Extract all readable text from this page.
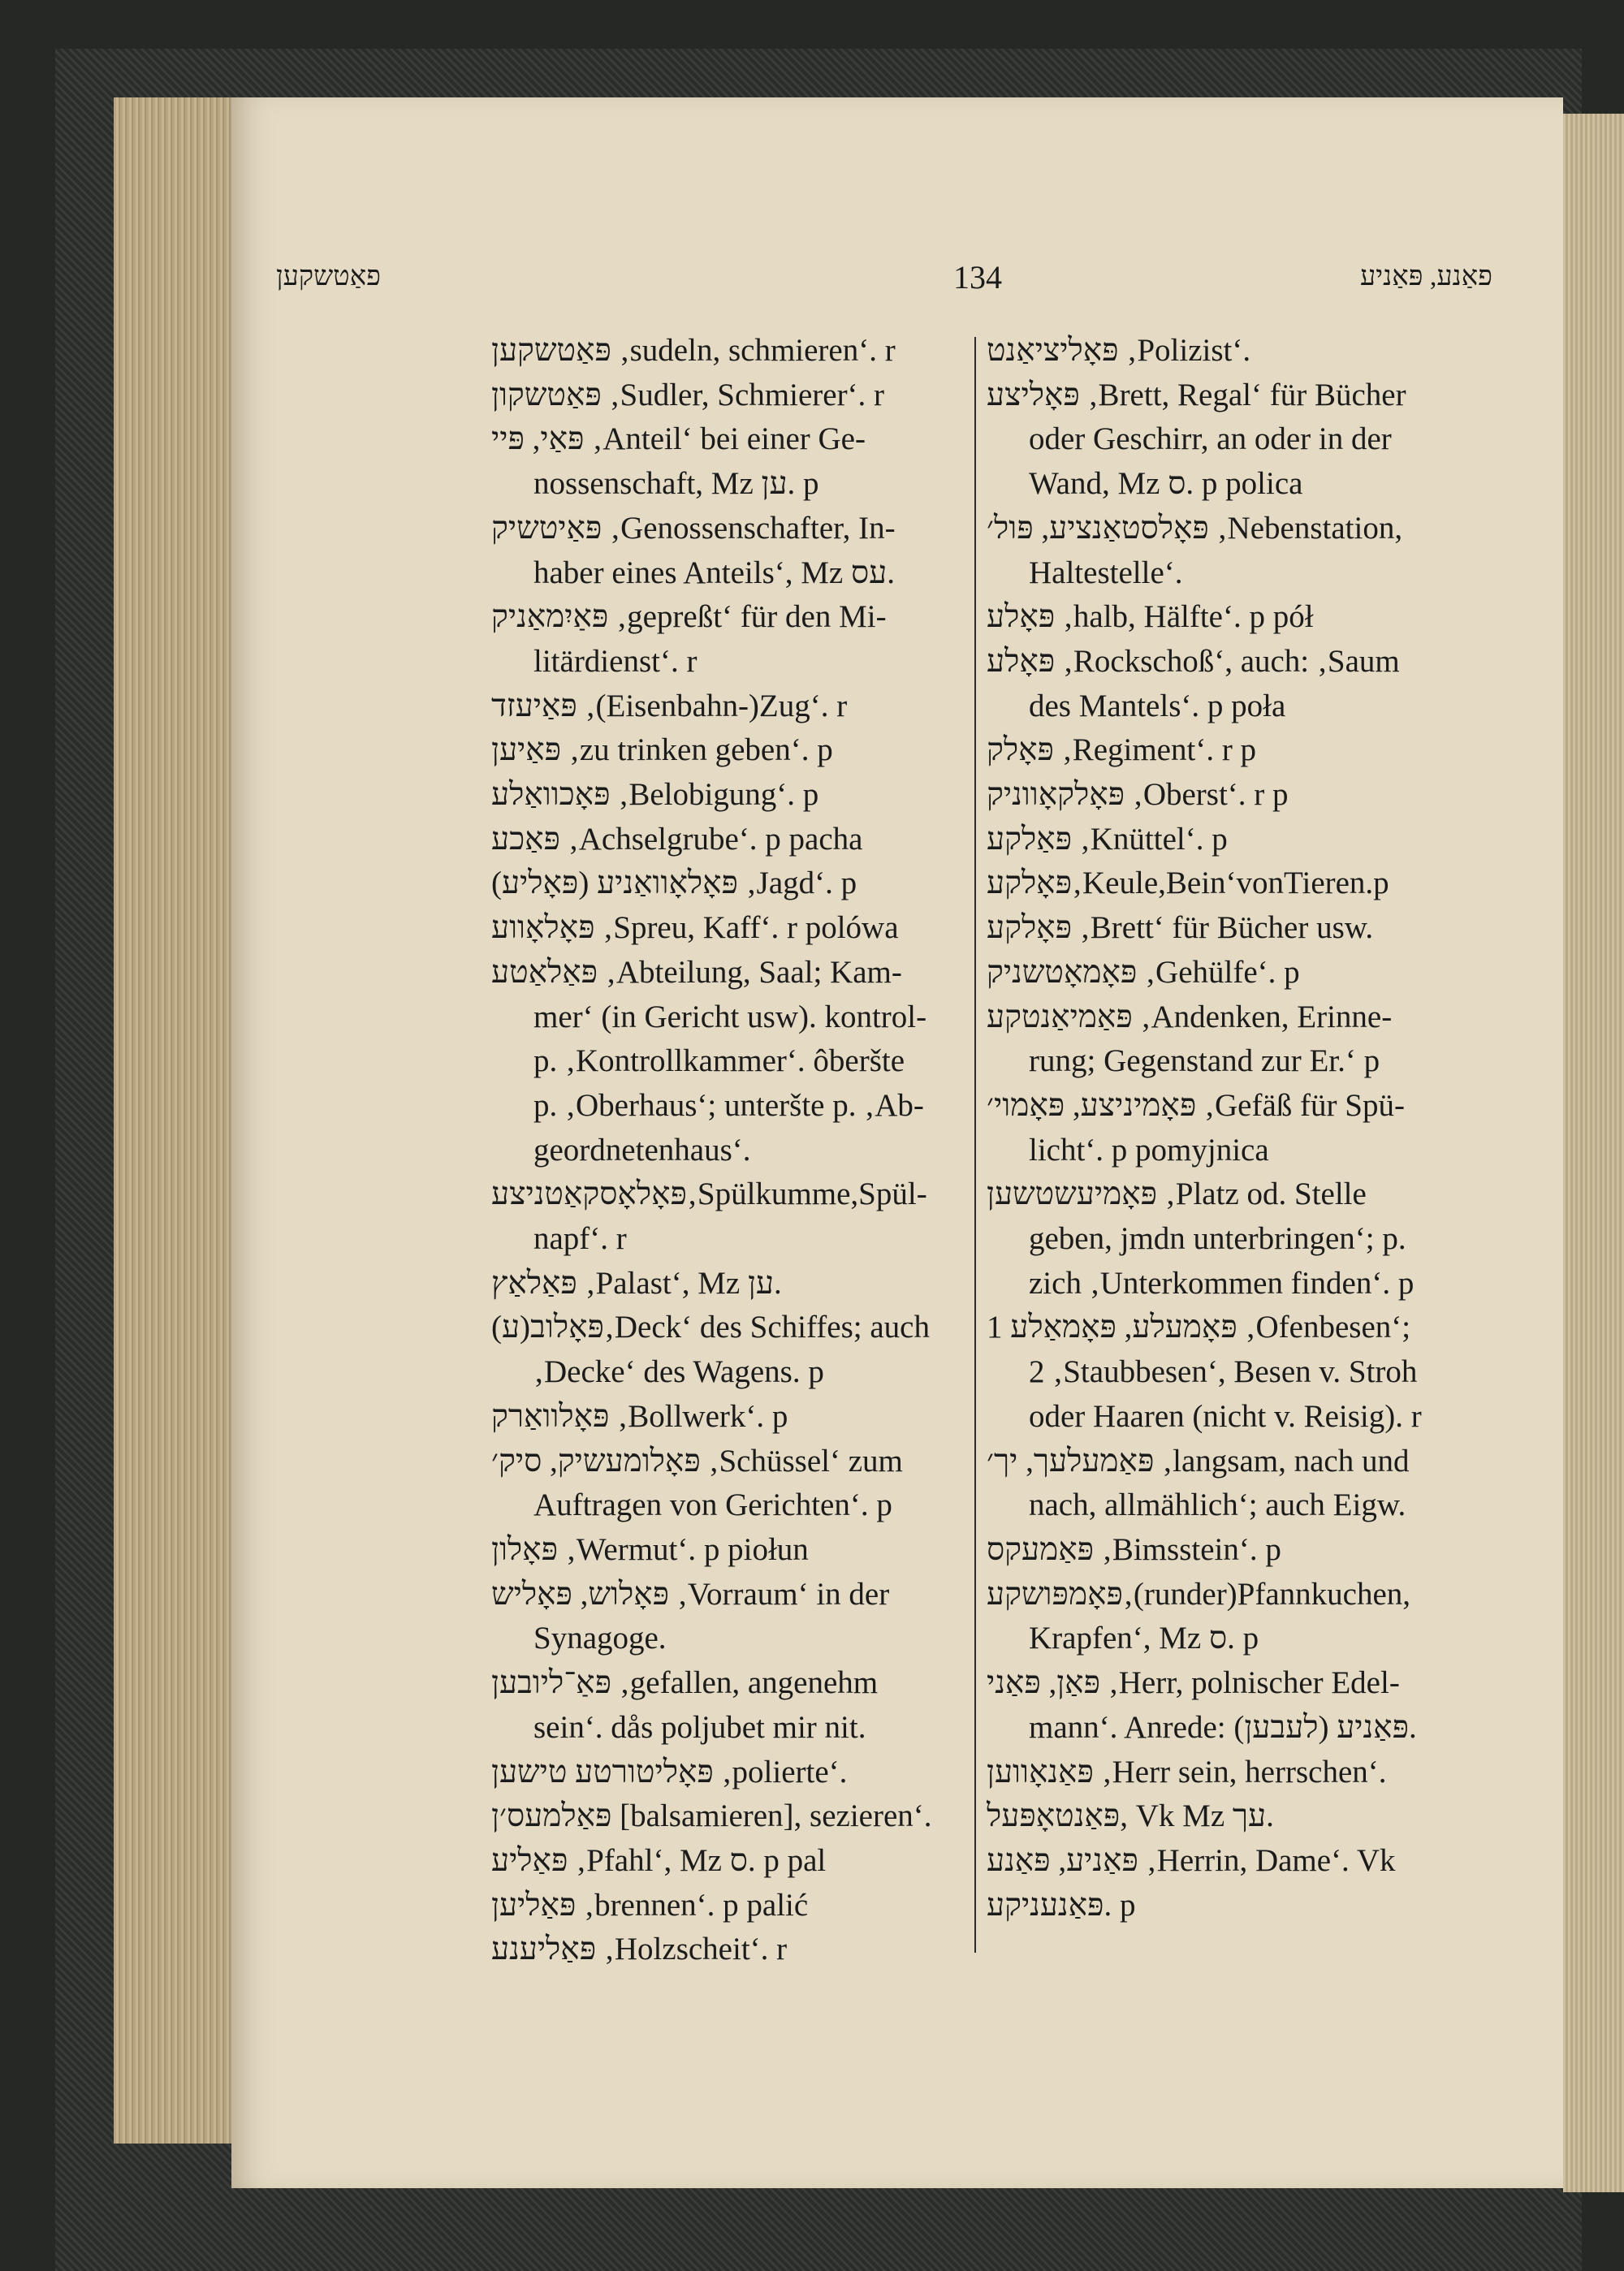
פאַטשקען	134	פאַנע, פּאַניע
פּאַטשקען ‚sudeln, schmieren‘. r
פּאַטשקון ‚Sudler, Schmierer‘. r
פּאַי, פּיי ‚Anteil‘ bei einer Ge-
nossenschaft, Mz ען. p
פּאַיטשיק ‚Genossenschafter, In-
haber eines Anteils‘, Mz עס.
פּאַיִמאַניק ‚gepreßt‘ für den Mi-
litärdienst‘. r
פּאַיעזד ‚(Eisenbahn-)Zug‘. r
פּאַיען ‚zu trinken geben‘. p
פּאָכוואַלע ‚Belobigung‘. p
פּאַכע ‚Achselgrube‘. p pacha
פּאָלאָוואַניע (פּאָליע) ‚Jagd‘. p
פּאָלאָווע ‚Spreu, Kaff‘. r polówa
פּאַלאַטע ‚Abteilung, Saal; Kam-
mer‘ (in Gericht usw). kontrol-
p. ‚Kontrollkammer‘. ôberšte
p. ‚Oberhaus‘; unteršte p. ‚Ab-
geordnetenhaus‘.
פּאָלאָסקאַטניצע‚Spülkumme,Spül-
napf‘. r
פּאַלאַץ ‚Palast‘, Mz ען.
פּאָלוב(ע)‚Deck‘ des Schiffes; auch
‚Decke‘ des Wagens. p
פּאָלוואַרק ‚Bollwerk‘. p
פּאָלומעשיק, סיק׳ ‚Schüssel‘ zum
Auftragen von Gerichten‘. p
פּאָלון ‚Wermut‘. p piołun
פּאָלוש, פּאָליש ‚Vorraum‘ in der
Synagoge.
פּאַ־ליובען ‚gefallen, angenehm
sein‘. dås poljubet mir nit.
פּאָליטורטע טישען ‚polierte‘.
פּאַלמעס׳ן [balsamieren], sezieren‘.
פּאַליע ‚Pfahl‘, Mz ס. p pal
פּאַליען ‚brennen‘. p palić
פּאַליענע ‚Holzscheit‘. r
פּאָליציאַנט ‚Polizist‘.
פּאָליצע ‚Brett, Regal‘ für Bücher
oder Geschirr, an oder in der
Wand, Mz ס. p polica
פּאָלסטאַנציע, פּול׳ ‚Nebenstation,
Haltestelle‘.
פּאָלע ‚halb, Hälfte‘. p pół
פּאָלע ‚Rockschoß‘, auch: ‚Saum
des Mantels‘. p poła
פּאָלק ‚Regiment‘. r p
פּאָלקאָווניק ‚Oberst‘. r p
פּאַלקע ‚Knüttel‘. p
פּאָלקע‚Keule,Bein‘vonTieren.p
פּאָלקע ‚Brett‘ für Bücher usw.
פּאָמאָטשניק ‚Gehülfe‘. p
פּאַמיאַנטקע ‚Andenken, Erinne-
rung; Gegenstand zur Er.‘ p
פּאָמיניצע, פּאָמוי׳ ‚Gefäß für Spü-
licht‘. p pomyjnica
פּאָמיעשטשען ‚Platz od. Stelle
geben, jmdn unterbringen‘; p.
zich ‚Unterkommen finden‘. p
פּאָמעלע, פּאָמאַלע 1 ‚Ofenbesen‘;
2 ‚Staubbesen‘, Besen v. Stroh
oder Haaren (nicht v. Reisig). r
פּאַמעלעך, יך׳ ‚langsam, nach und
nach, allmählich‘; auch Eigw.
פּאַמעקס ‚Bimsstein‘. p
פּאָמפּושקע‚(runder)Pfannkuchen,
Krapfen‘, Mz ס. p
פּאַן, פּאַני ‚Herr, polnischer Edel-
mann‘. Anrede: (לעבען) פּאַניע.
פּאַנאָווען ‚Herr sein, herrschen‘.
פּאַנטאָפּעל, Vk Mz עך.
פּאַניע, פּאַנע ‚Herrin, Dame‘. Vk
פּאַנעניקע. p
